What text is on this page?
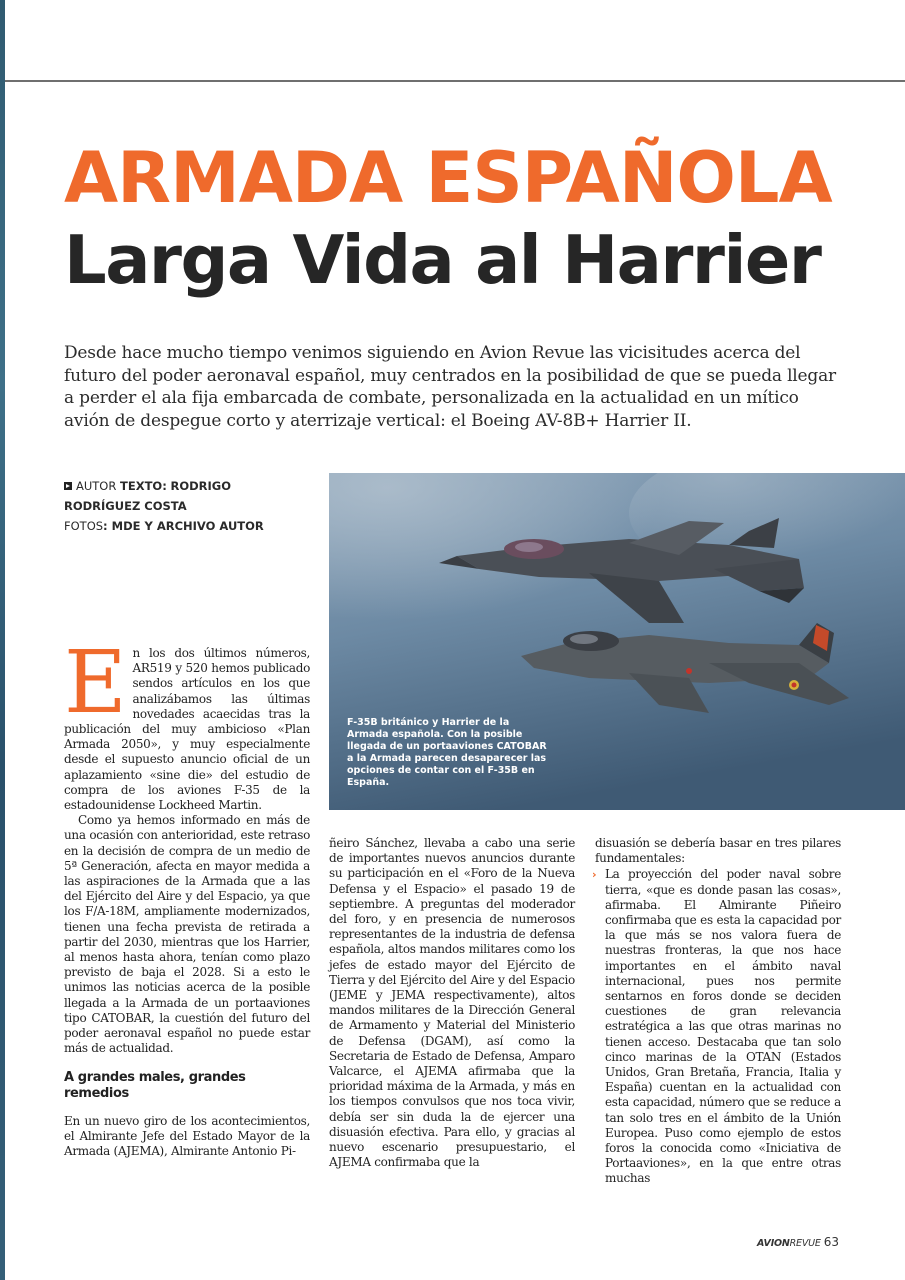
ARMADA ESPAÑOLA
Larga Vida al Harrier

Desde hace mucho tiempo venimos siguiendo en Avion Revue las vicisitudes acerca del futuro del poder aeronaval español, muy centrados en la posibilidad de que se pueda llegar a perder el ala fija embarcada de combate, personalizada en la actualidad en un mítico avión de despegue corto y aterrizaje vertical: el Boeing AV-8B+ Harrier II.

AUTOR TEXTO: RODRIGO RODRÍGUEZ COSTA
FOTOS: MDE Y ARCHIVO AUTOR
F-35B británico y Harrier de la Armada española. Con la posible llegada de un portaaviones CATOBAR a la Armada parecen desaparecer las opciones de contar con el F-35B en España.

En los dos últimos números, AR519 y 520 hemos publicado sendos artículos en los que analizábamos las últimas novedades acaecidas tras la publicación del muy ambicioso «Plan Armada 2050», y muy especialmente desde el supuesto anuncio oficial de un aplazamiento «sine die» del estudio de compra de los aviones F-35 de la estadounidense Lockheed Martin.

Como ya hemos informado en más de una ocasión con anterioridad, este retraso en la decisión de compra de un medio de 5ª Generación, afecta en mayor medida a las aspiraciones de la Armada que a las del Ejército del Aire y del Espacio, ya que los F/A-18M, ampliamente modernizados, tienen una fecha prevista de retirada a partir del 2030, mientras que los Harrier, al menos hasta ahora, tenían como plazo previsto de baja el 2028. Si a esto le unimos las noticias acerca de la posible llegada a la Armada de un portaaviones tipo CATOBAR, la cuestión del futuro del poder aeronaval español no puede estar más de actualidad.

A grandes males, grandes remedios

En un nuevo giro de los acontecimientos, el Almirante Jefe del Estado Mayor de la Armada (AJEMA), Almirante Antonio Pi-

ñeiro Sánchez, llevaba a cabo una serie de importantes nuevos anuncios durante su participación en el «Foro de la Nueva Defensa y el Espacio» el pasado 19 de septiembre. A preguntas del moderador del foro, y en presencia de numerosos representantes de la industria de defensa española, altos mandos militares como los jefes de estado mayor del Ejército de Tierra y del Ejército del Aire y del Espacio (JEME y JEMA respectivamente), altos mandos militares de la Dirección General de Armamento y Material del Ministerio de Defensa (DGAM), así como la Secretaria de Estado de Defensa, Amparo Valcarce, el AJEMA afirmaba que la prioridad máxima de la Armada, y más en los tiempos convulsos que nos toca vivir, debía ser sin duda la de ejercer una disuasión efectiva. Para ello, y gracias al nuevo escenario presupuestario, el AJEMA confirmaba que la

disuasión se debería basar en tres pilares fundamentales:

› La proyección del poder naval sobre tierra, «que es donde pasan las cosas», afirmaba. El Almirante Piñeiro confirmaba que es esta la capacidad por la que más se nos valora fuera de nuestras fronteras, la que nos hace importantes en el ámbito naval internacional, pues nos permite sentarnos en foros donde se deciden cuestiones de gran relevancia estratégica a las que otras marinas no tienen acceso. Destacaba que tan solo cinco marinas de la OTAN (Estados Unidos, Gran Bretaña, Francia, Italia y España) cuentan en la actualidad con esta capacidad, número que se reduce a tan solo tres en el ámbito de la Unión Europea. Puso como ejemplo de estos foros la conocida como «Iniciativa de Portaaviones», en la que entre otras muchas

AVIONREVUE 63
